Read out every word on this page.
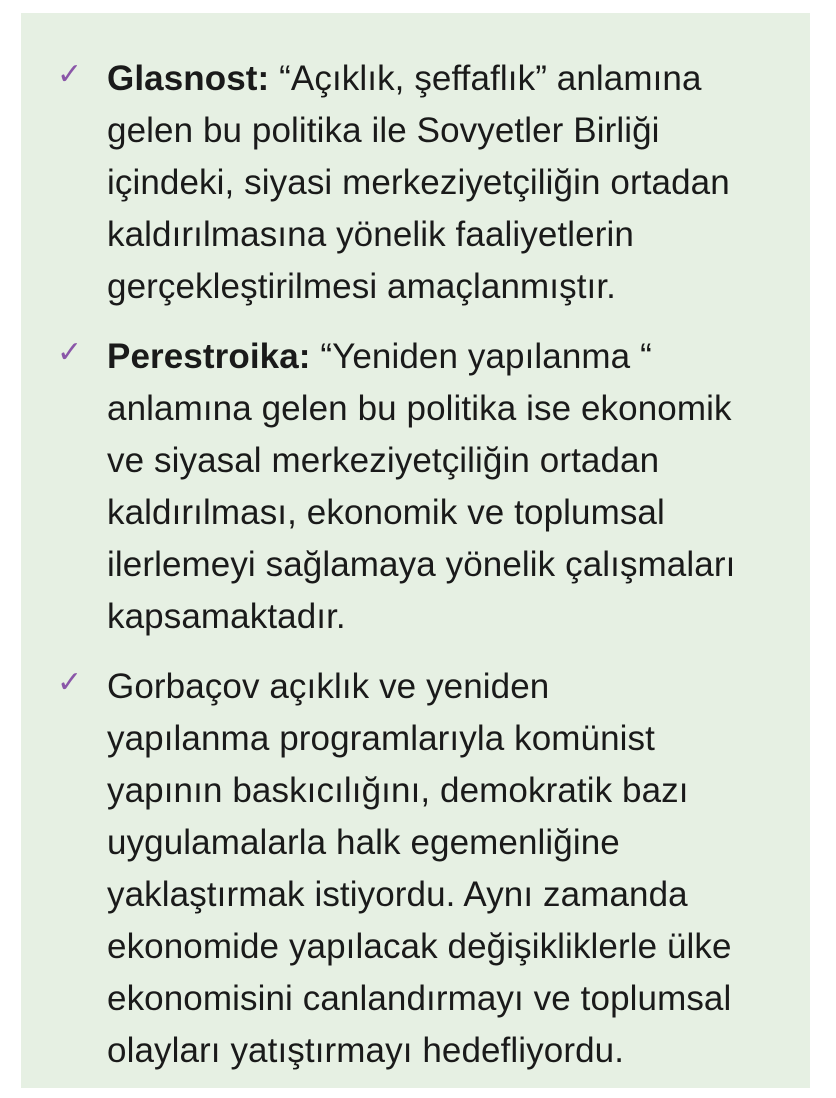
✓ Glasnost: “Açıklık, şeffaflık” anlamına
gelen bu politika ile Sovyetler Birliği
içindeki, siyasi merkeziyetçiliğin ortadan
kaldırılmasına yönelik faaliyetlerin
gerçekleştirilmesi amaçlanmıştır.
✓ Perestroika: “Yeniden yapılanma “
anlamına gelen bu politika ise ekonomik
ve siyasal merkeziyetçiliğin ortadan
kaldırılması, ekonomik ve toplumsal
ilerlemeyi sağlamaya yönelik çalışmaları
kapsamaktadır.
✓ Gorbaçov açıklık ve yeniden
yapılanma programlarıyla komünist
yapının baskıcılığını, demokratik bazı
uygulamalarla halk egemenliğine
yaklaştırmak istiyordu. Aynı zamanda
ekonomide yapılacak değişikliklerle ülke
ekonomisini canlandırmayı ve toplumsal
olayları yatıştırmayı hedefliyordu.
